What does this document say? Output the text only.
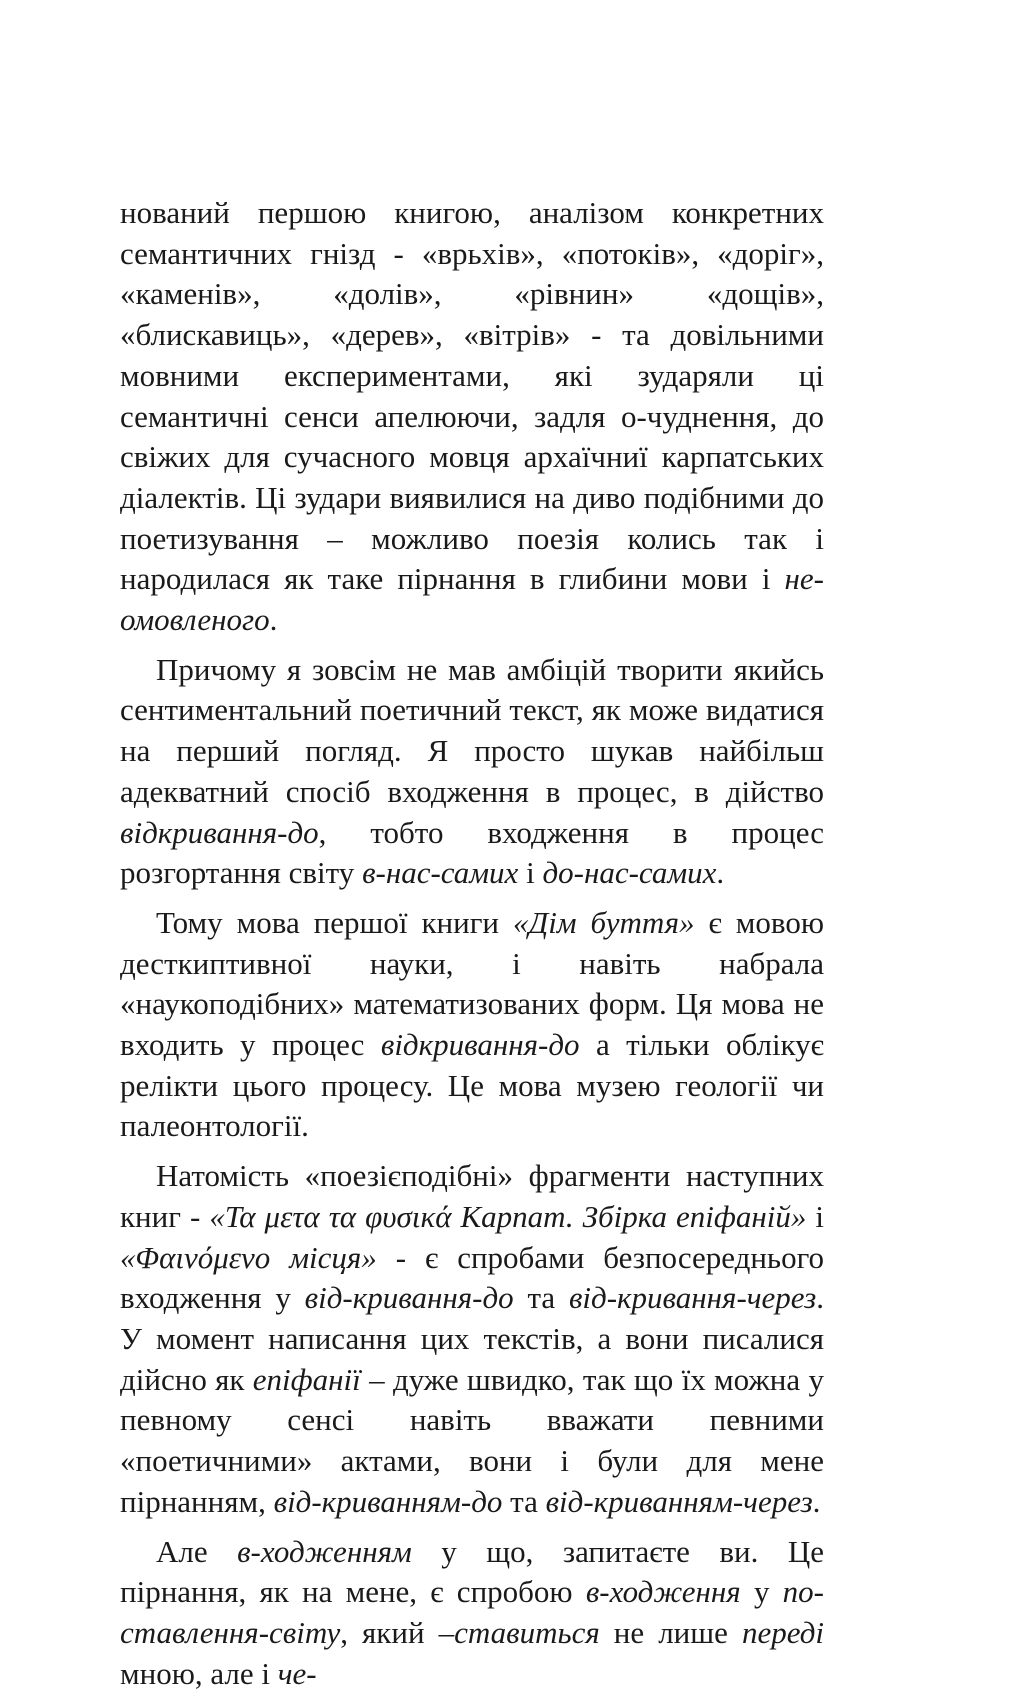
нований першою книгою, аналізом конкретних семантичних гнізд - «врьхів», «потоків», «доріг», «каменів», «долів», «рівнин» «дощів», «блискавиць», «дерев», «вітрів» - та довільними мовними експериментами, які зударяли ці семантичні сенси апелюючи, задля о-чуднення, до свіжих для сучасного мовця архаїчниї карпатських діалектів. Ці зудари виявилися на диво подібними до поетизування – можливо поезія колись так і народилася як таке пірнання в глибини мови і не-омовленого.

Причому я зовсім не мав амбіцій творити якийсь сентиментальний поетичний текст, як може видатися на перший погляд. Я просто шукав найбільш адекватний спосіб входження в процес, в дійство відкривання-до, тобто входження в процес розгортання світу в-нас-самих і до-нас-самих.

Тому мова першої книги «Дім буття» є мовою десткиптивної науки, і навіть набрала «наукоподібних» математизованих форм. Ця мова не входить у процес відкривання-до а тільки облікує релікти цього процесу. Це мова музею геології чи палеонтології.

Натомість «поезієподібні» фрагменти наступних книг - «Τα μετα τα φυσικά Карпат. Збірка епіфаній» і «Φαινόμενο місця» - є спробами безпосереднього входження у від-кривання-до та від-кривання-через. У момент написання цих текстів, а вони писалися дійсно як епіфанії – дуже швидко, так що їх можна у певному сенсі навіть вважати певними «поетичними» актами, вони і були для мене пірнанням, від-криванням-до та від-криванням-через.

Але в-ходженням у що, запитаєте ви. Це пірнання, як на мене, є спробою в-ходження у по-ставлення-світу, який –ставиться не лише переді мною, але і че-
